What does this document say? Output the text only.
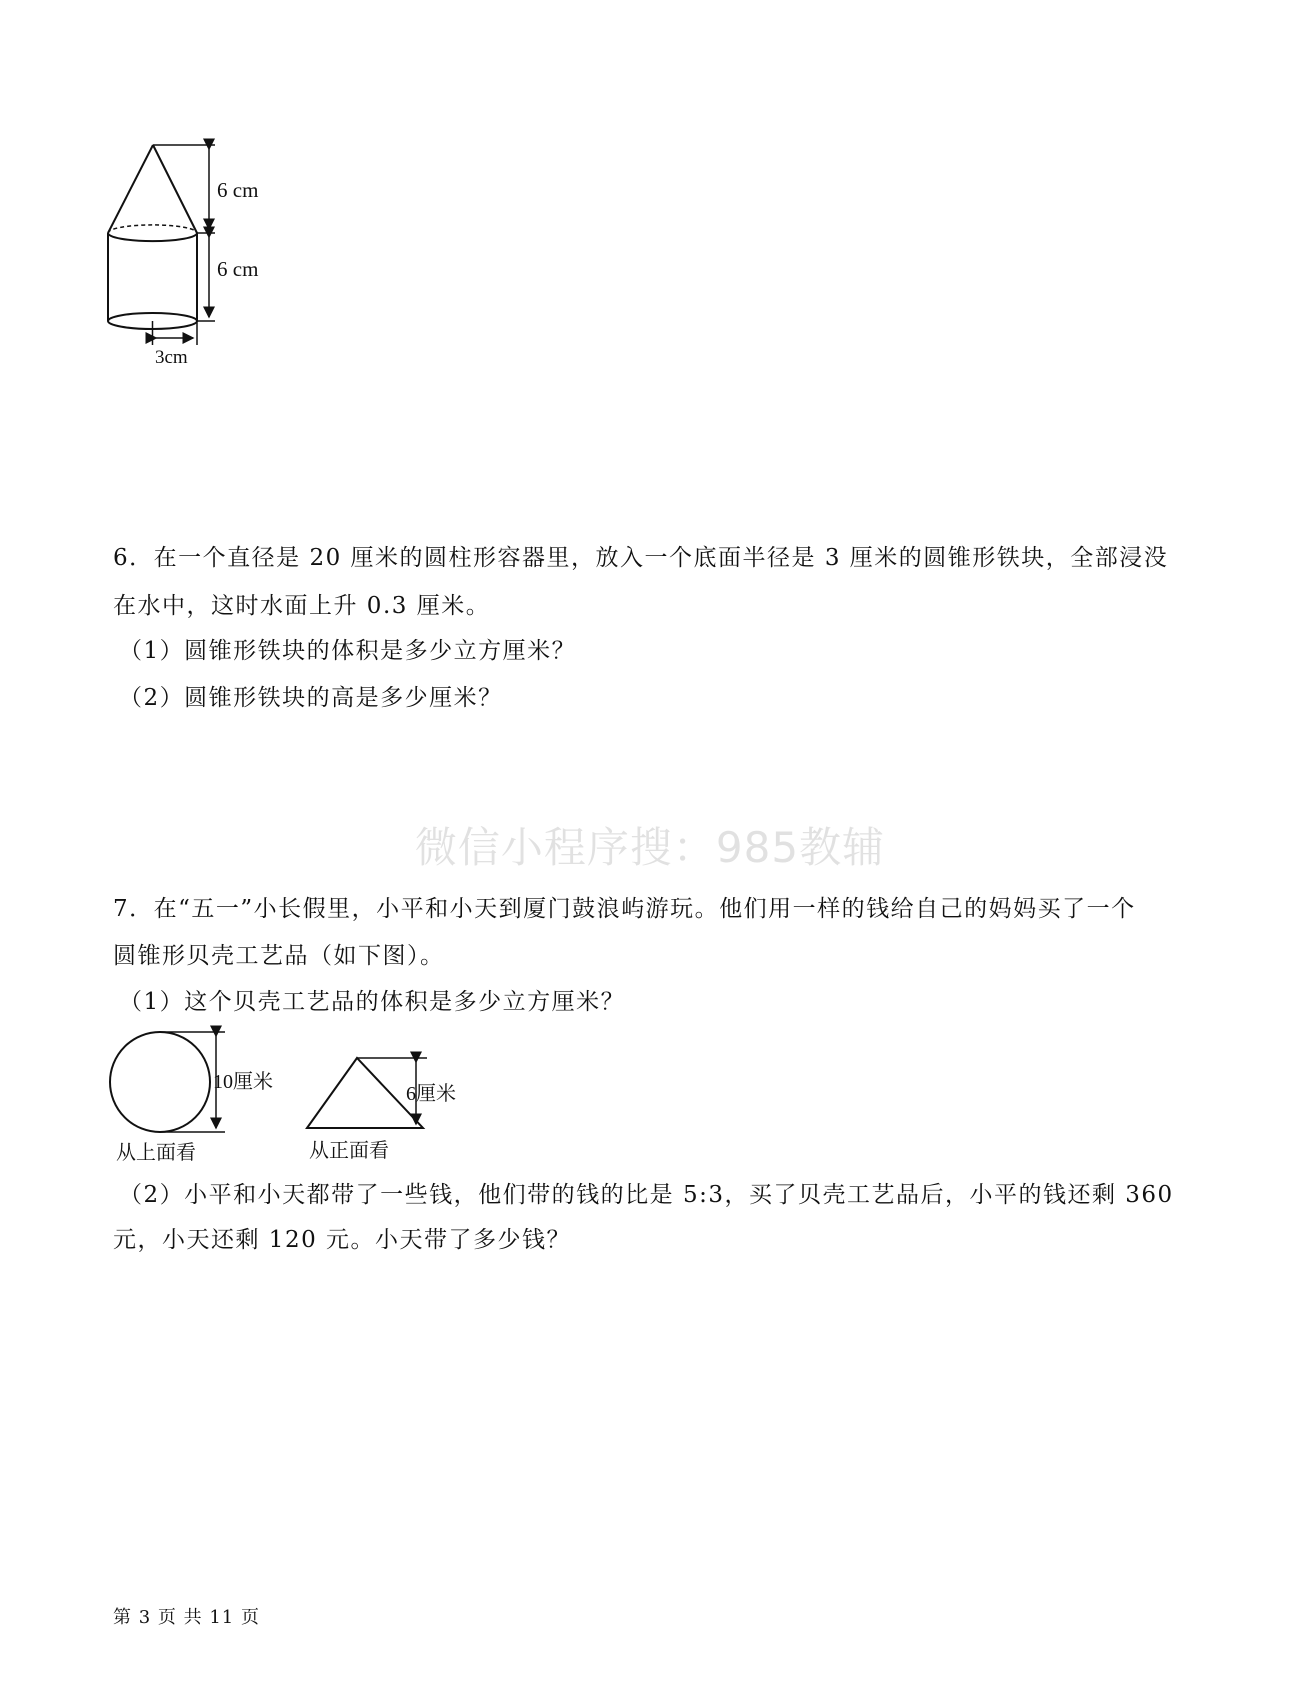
6 cm
6 cm
3cm
6．在一个直径是 20 厘米的圆柱形容器里，放入一个底面半径是 3 厘米的圆锥形铁块，全部浸没
在水中，这时水面上升 0.3 厘米。
（1）圆锥形铁块的体积是多少立方厘米？
（2）圆锥形铁块的高是多少厘米？
微信小程序搜：985教辅
7．在“五一”小长假里，小平和小天到厦门鼓浪屿游玩。他们用一样的钱给自己的妈妈买了一个
圆锥形贝壳工艺品（如下图）。
（1）这个贝壳工艺品的体积是多少立方厘米？
10厘米
从上面看
6厘米
从正面看
（2）小平和小天都带了一些钱，他们带的钱的比是 5:3，买了贝壳工艺品后，小平的钱还剩 360
元，小天还剩 120 元。小天带了多少钱？
第 3 页 共 11 页
